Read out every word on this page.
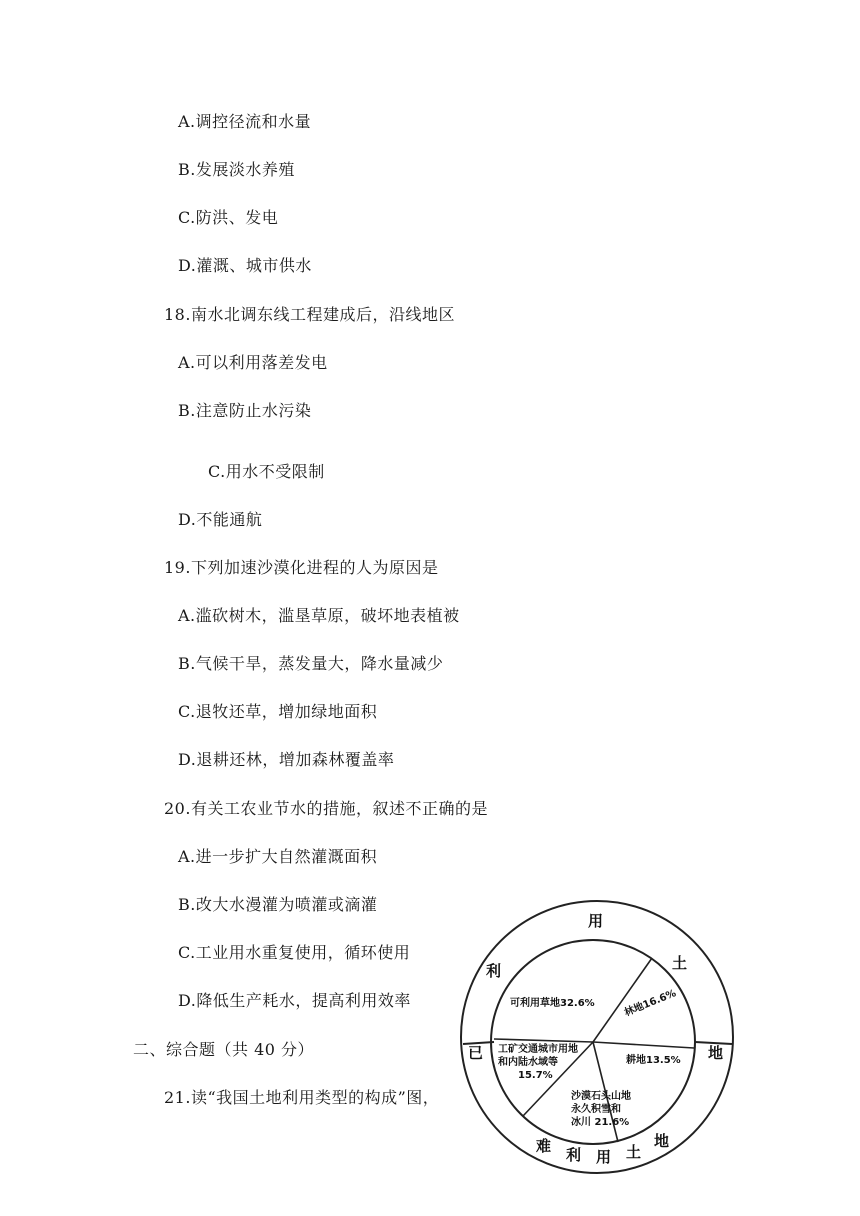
A.调控径流和水量
B.发展淡水养殖
C.防洪、发电
D.灌溉、城市供水
18.南水北调东线工程建成后，沿线地区
A.可以利用落差发电
B.注意防止水污染
C.用水不受限制
D.不能通航
19.下列加速沙漠化进程的人为原因是
A.滥砍树木，滥垦草原，破坏地表植被
B.气候干旱，蒸发量大，降水量减少
C.退牧还草，增加绿地面积
D.退耕还林，增加森林覆盖率
20.有关工农业节水的措施，叙述不正确的是
A.进一步扩大自然灌溉面积
B.改大水漫灌为喷灌或滴灌
C.工业用水重复使用，循环使用
D.降低生产耗水，提高利用效率
二、综合题（共 40 分）
21.读“我国土地利用类型的构成”图，
可利用草地32.6%	林地16.6%
耕地13.5%
沙漠石头山地 永久积雪和 冰川 21.6%
工矿交通城市用地 和内陆水域等 15.7%
已
利
用
土
地
难 利 用 土
地
